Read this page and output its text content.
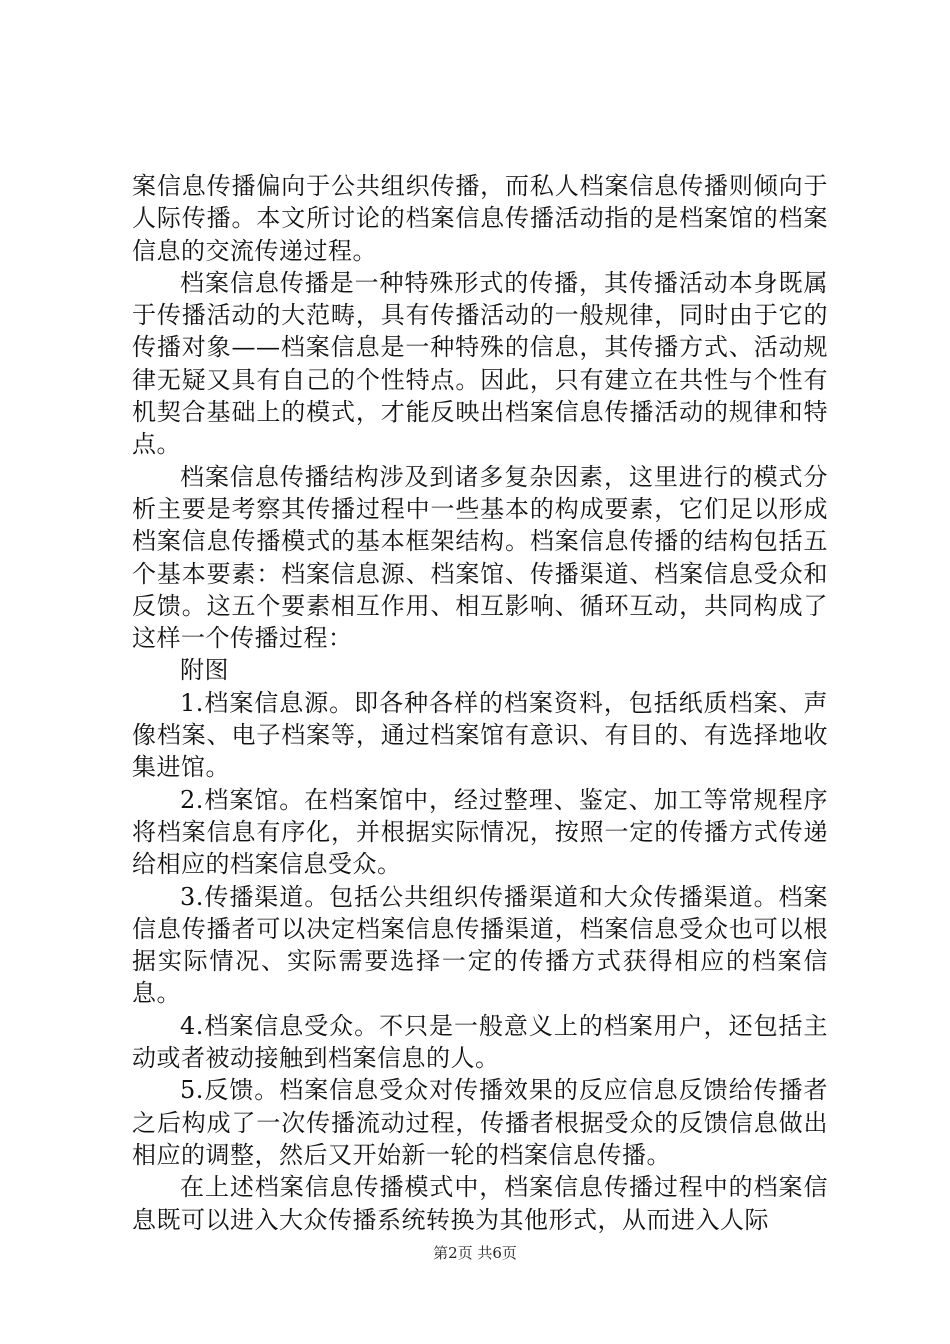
案信息传播偏向于公共组织传播，而私人档案信息传播则倾向于人际传播。本文所讨论的档案信息传播活动指的是档案馆的档案信息的交流传递过程。

档案信息传播是一种特殊形式的传播，其传播活动本身既属于传播活动的大范畴，具有传播活动的一般规律，同时由于它的传播对象——档案信息是一种特殊的信息，其传播方式、活动规律无疑又具有自己的个性特点。因此，只有建立在共性与个性有机契合基础上的模式，才能反映出档案信息传播活动的规律和特点。

档案信息传播结构涉及到诸多复杂因素，这里进行的模式分析主要是考察其传播过程中一些基本的构成要素，它们足以形成档案信息传播模式的基本框架结构。档案信息传播的结构包括五个基本要素：档案信息源、档案馆、传播渠道、档案信息受众和反馈。这五个要素相互作用、相互影响、循环互动，共同构成了这样一个传播过程：

附图

1.档案信息源。即各种各样的档案资料，包括纸质档案、声像档案、电子档案等，通过档案馆有意识、有目的、有选择地收集进馆。

2.档案馆。在档案馆中，经过整理、鉴定、加工等常规程序将档案信息有序化，并根据实际情况，按照一定的传播方式传递给相应的档案信息受众。

3.传播渠道。包括公共组织传播渠道和大众传播渠道。档案信息传播者可以决定档案信息传播渠道，档案信息受众也可以根据实际情况、实际需要选择一定的传播方式获得相应的档案信息。

4.档案信息受众。不只是一般意义上的档案用户，还包括主动或者被动接触到档案信息的人。

5.反馈。档案信息受众对传播效果的反应信息反馈给传播者之后构成了一次传播流动过程，传播者根据受众的反馈信息做出相应的调整，然后又开始新一轮的档案信息传播。

在上述档案信息传播模式中，档案信息传播过程中的档案信息既可以进入大众传播系统转换为其他形式，从而进入人际

第2页 共6页
